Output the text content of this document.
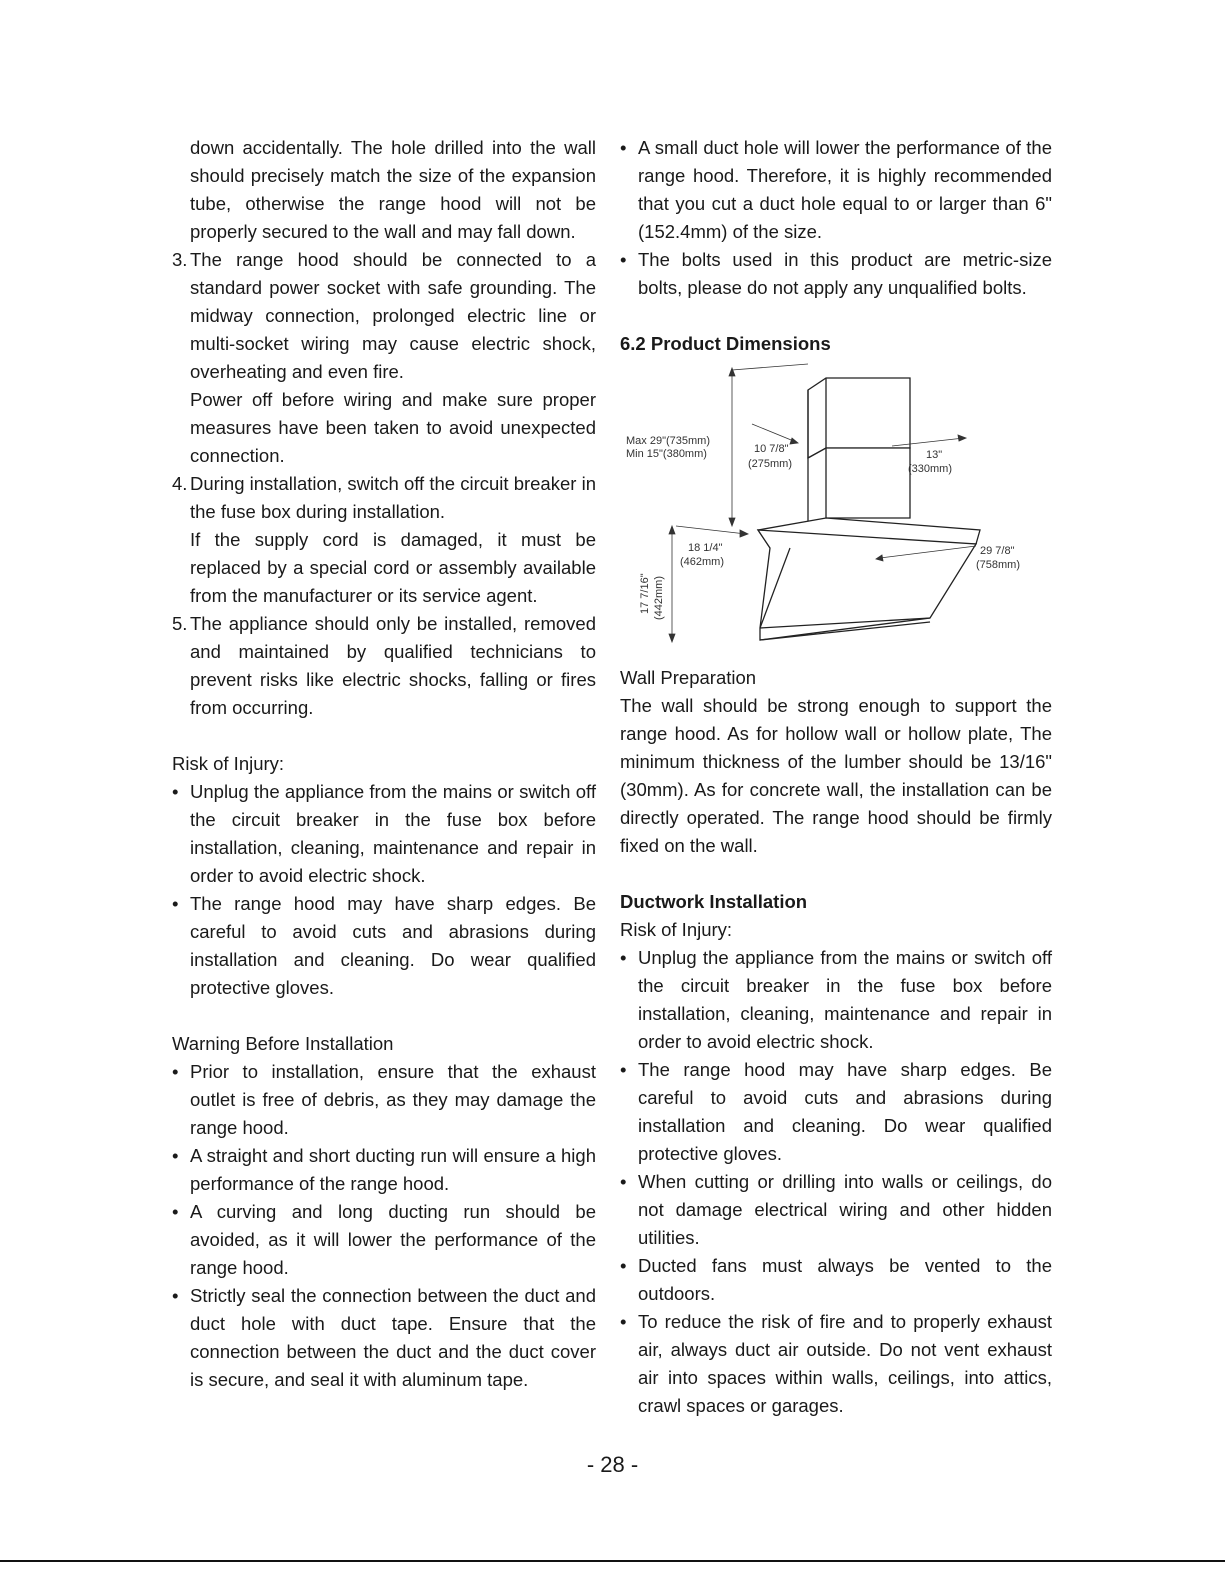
down accidentally. The hole drilled into the wall should precisely match the size of the expansion tube, otherwise the range hood will not be properly secured to the wall and may fall down.

3. The range hood should be connected to a standard power socket with safe grounding. The midway connection, prolonged electric line or multi-socket wiring may cause electric shock, overheating and even fire.

Power off before wiring and make sure proper measures have been taken to avoid unexpected connection.

4. During installation, switch off the circuit breaker in the fuse box during installation.

If the supply cord is damaged, it must be replaced by a special cord or assembly available from the manufacturer or its service agent.

5. The appliance should only be installed, removed and maintained by qualified technicians to prevent risks like electric shocks, falling or fires from occurring.

Risk of Injury:

• Unplug the appliance from the mains or switch off the circuit breaker in the fuse box before installation, cleaning, maintenance and repair in order to avoid electric shock.

• The range hood may have sharp edges. Be careful to avoid cuts and abrasions during installation and cleaning. Do wear qualified protective gloves.

Warning Before Installation

• Prior to installation, ensure that the exhaust outlet is free of debris, as they may damage the range hood.

• A straight and short ducting run will ensure a high performance of the range hood.

• A curving and long ducting run should be avoided, as it will lower the performance of the range hood.

• Strictly seal the connection between the duct and duct hole with duct tape. Ensure that the connection between the duct and the duct cover is secure, and seal it with aluminum tape.

• A small duct hole will lower the performance of the range hood. Therefore, it is highly recommended that you cut a duct hole equal to or larger than 6"(152.4mm) of the size.

• The bolts used in this product are metric-size bolts, please do not apply any unqualified bolts.

6.2 Product Dimensions

Max 29"(735mm)
Min 15"(380mm)	10 7/8"
(275mm)
13"
(330mm)
18 1/4"
(462mm)
29 7/8"
(758mm)
17 7/16" (442mm)

Wall Preparation

The wall should be strong enough to support the range hood. As for hollow wall or hollow plate, The minimum thickness of the lumber should be 13/16" (30mm). As for concrete wall, the installation can be directly operated. The range hood should be firmly fixed on the wall.

Ductwork Installation

Risk of Injury:

• Unplug the appliance from the mains or switch off the circuit breaker in the fuse box before installation, cleaning, maintenance and repair in order to avoid electric shock.

• The range hood may have sharp edges. Be careful to avoid cuts and abrasions during installation and cleaning. Do wear qualified protective gloves.

• When cutting or drilling into walls or ceilings, do not damage electrical wiring and other hidden utilities.

• Ducted fans must always be vented to the outdoors.

• To reduce the risk of fire and to properly exhaust air, always duct air outside. Do not vent exhaust air into spaces within walls, ceilings, into attics, crawl spaces or garages.

- 28 -
